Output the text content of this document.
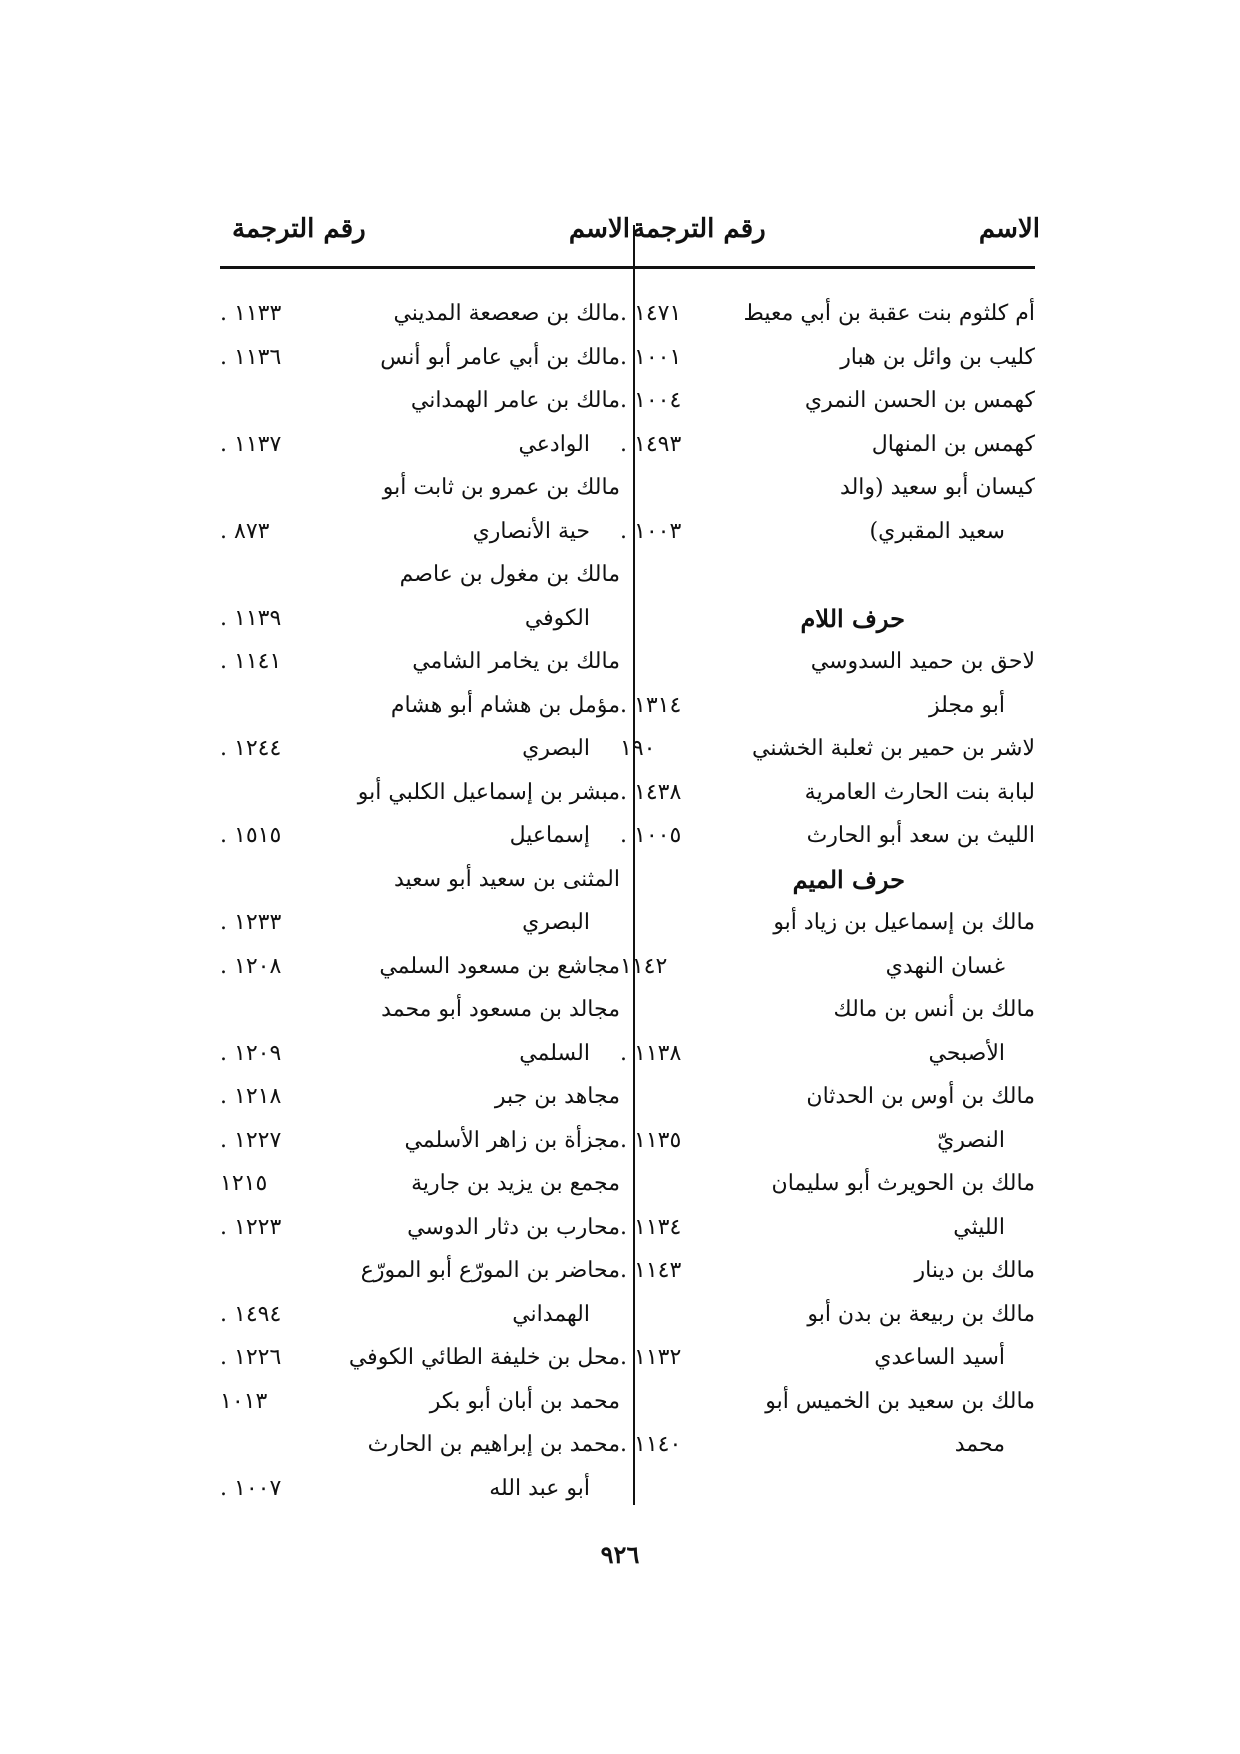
الاسم
رقم الترجمة
الاسم
رقم الترجمة
أم كلثوم بنت عقبة بن أبي معيط
١٤٧١ .
كليب بن وائل بن هبار
١٠٠١ .
كهمس بن الحسن النمري
١٠٠٤ .
كهمس بن المنهال
١٤٩٣ .
كيسان أبو سعيد (والد
سعيد المقبري)
١٠٠٣ .
حرف اللام
لاحق بن حميد السدوسي
أبو مجلز
١٣١٤ .
لاشر بن حمير بن ثعلبة الخشني
١٩٠
لبابة بنت الحارث العامرية
١٤٣٨ .
الليث بن سعد أبو الحارث
١٠٠٥ .
حرف الميم
مالك بن إسماعيل بن زياد أبو
غسان النهدي
١١٤٢
مالك بن أنس بن مالك
الأصبحي
١١٣٨ .
مالك بن أوس بن الحدثان
النصريّ
١١٣٥ .
مالك بن الحويرث أبو سليمان
الليثي
١١٣٤ .
مالك بن دينار
١١٤٣ .
مالك بن ربيعة بن بدن أبو
أسيد الساعدي
١١٣٢ .
مالك بن سعيد بن الخميس أبو
محمد
١١٤٠ .
مالك بن صعصعة المديني
١١٣٣ .
مالك بن أبي عامر أبو أنس
١١٣٦ .
مالك بن عامر الهمداني
الوادعي
١١٣٧ .
مالك بن عمرو بن ثابت أبو
حية الأنصاري
٨٧٣ .
مالك بن مغول بن عاصم
الكوفي
١١٣٩ .
مالك بن يخامر الشامي
١١٤١ .
مؤمل بن هشام أبو هشام
البصري
١٢٤٤ .
مبشر بن إسماعيل الكلبي أبو
إسماعيل
١٥١٥ .
المثنى بن سعيد أبو سعيد
البصري
١٢٣٣ .
مجاشع بن مسعود السلمي
١٢٠٨ .
مجالد بن مسعود أبو محمد
السلمي
١٢٠٩ .
مجاهد بن جبر
١٢١٨ .
مجزأة بن زاهر الأسلمي
١٢٢٧ .
مجمع بن يزيد بن جارية
١٢١٥
محارب بن دثار الدوسي
١٢٢٣ .
محاضر بن المورّع أبو المورّع
الهمداني
١٤٩٤ .
محل بن خليفة الطائي الكوفي
١٢٢٦ .
محمد بن أبان أبو بكر
١٠١٣
محمد بن إبراهيم بن الحارث
أبو عبد الله
١٠٠٧ .
٩٢٦
